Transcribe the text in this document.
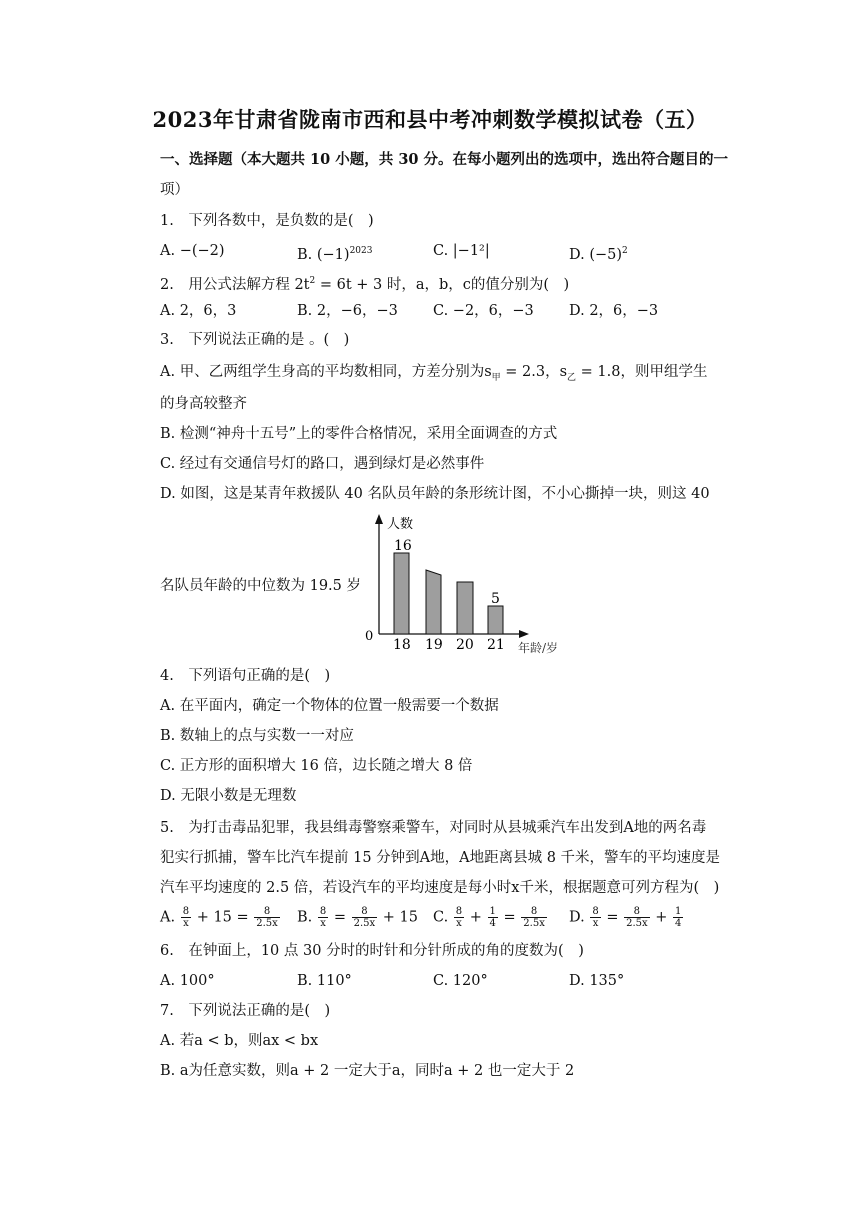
2023年甘肃省陇南市西和县中考冲刺数学模拟试卷（五）
一、选择题（本大题共 10 小题，共 30 分。在每小题列出的选项中，选出符合题目的一
项）
1.　下列各数中，是负数的是(　)
A. −(−2)	B. $(-1)^{2023}$	C. |−1²|	D. $(-5)^2$
2.　用公式法解方程 $2t^2 = 6t + 3$ 时，a，b，c的值分别为(　)
A. 2，6，3	B. 2，−6，−3 C. −2，6，−3 D. 2，6，−3
3.　下列说法正确的是 。(　)
A. 甲、乙两组学生身高的平均数相同，方差分别为$s_甲 = 2.3$，$s_乙 = 1.8$，则甲组学生
的身高较整齐
B. 检测“神舟十五号”上的零件合格情况，采用全面调查的方式
C. 经过有交通信号灯的路口，遇到绿灯是必然事件
D. 如图，这是某青年救援队 40 名队员年龄的条形统计图，不小心撕掉一块，则这 40
名队员年龄的中位数为 19.5 岁
人数
年龄/岁
0
16
5
18 19 20 21
4.　下列语句正确的是(　)
A. 在平面内，确定一个物体的位置一般需要一个数据
B. 数轴上的点与实数一一对应
C. 正方形的面积增大 16 倍，边长随之增大 8 倍
D. 无限小数是无理数
5.　为打击毒品犯罪，我县缉毒警察乘警车，对同时从县城乘汽车出发到A地的两名毒
犯实行抓捕，警车比汽车提前 15 分钟到A地，A地距离县城 8 千米，警车的平均速度是
汽车平均速度的 2.5 倍，若设汽车的平均速度是每小时x千米，根据题意可列方程为(　)
A. $\frac{8}{x} + 15 = \frac{8}{2.5x} B$. $\frac{8}{x} = \frac{8}{2.5x} + 15$ C. $\frac{8}{x} + \frac{1}{4} = \frac{8}{2.5x} D$. $\frac{8}{x} = \frac{8}{2.5x} + \frac{1}{4}$
6.　在钟面上，10 点 30 分时的时针和分针所成的角的度数为(　)
A. 100°	B. 110°	C. 120°	D. 135°
7.　下列说法正确的是(　)
A. 若a < b，则ax < bx
B. a为任意实数，则a + 2 一定大于a，同时a + 2 也一定大于 2
